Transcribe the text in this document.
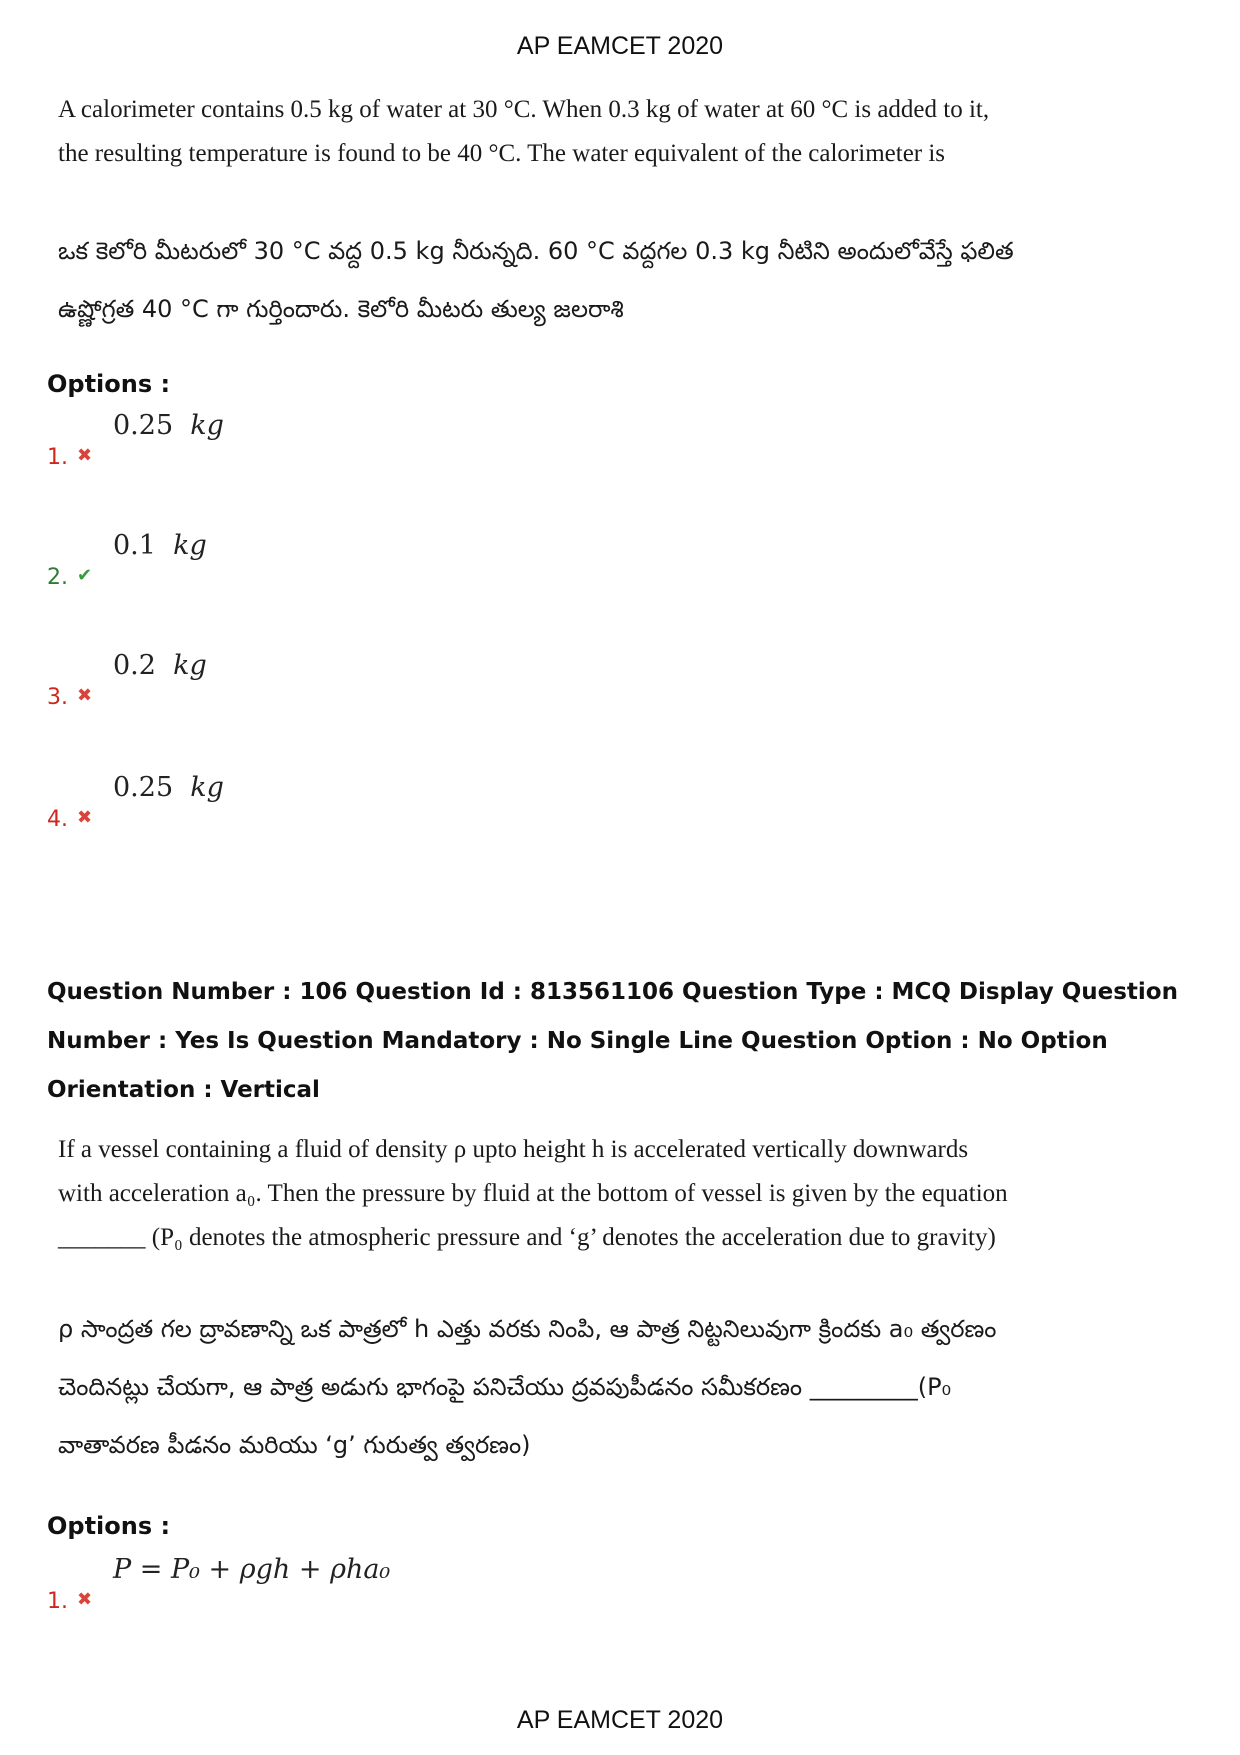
AP EAMCET 2020
A calorimeter contains 0.5 kg of water at 30 °C. When 0.3 kg of water at 60 °C is added to it,
the resulting temperature is found to be 40 °C. The water equivalent of the calorimeter is
ఒక కెలోరి మీటరులో 30 °C వద్ద 0.5 kg నీరున్నది. 60 °C వద్దగల 0.3 kg నీటిని అందులోవేస్తే ఫలిత
ఉష్ణోగ్రత 40 °C గా గుర్తిందారు. కెలోరి మీటరు తుల్య జలరాశి
Options :
1. ✖
0.25 kg
2. ✔
0.1 kg
3. ✖
0.2 kg
4. ✖
0.25 kg
Question Number : 106 Question Id : 813561106 Question Type : MCQ Display Question
Number : Yes Is Question Mandatory : No Single Line Question Option : No Option
Orientation : Vertical
If a vessel containing a fluid of density ρ upto height h is accelerated vertically downwards
with acceleration a₀. Then the pressure by fluid at the bottom of vessel is given by the equation
_______ (P₀ denotes the atmospheric pressure and ‘g’ denotes the acceleration due to gravity)
ρ సాంద్రత గల ద్రావణాన్ని ఒక పాత్రలో h ఎత్తు వరకు నింపి, ఆ పాత్ర నిట్టనిలువుగా క్రిందకు a₀ త్వరణం
చెందినట్లు చేయగా, ఆ పాత్ర అడుగు భాగంపై పనిచేయు ద్రవపుపీడనం సమీకరణం _________(P₀
వాతావరణ పీడనం మరియు ‘g’ గురుత్వ త్వరణం)
Options :
1. ✖
P = P₀ + ρgh + ρha₀
AP EAMCET 2020
